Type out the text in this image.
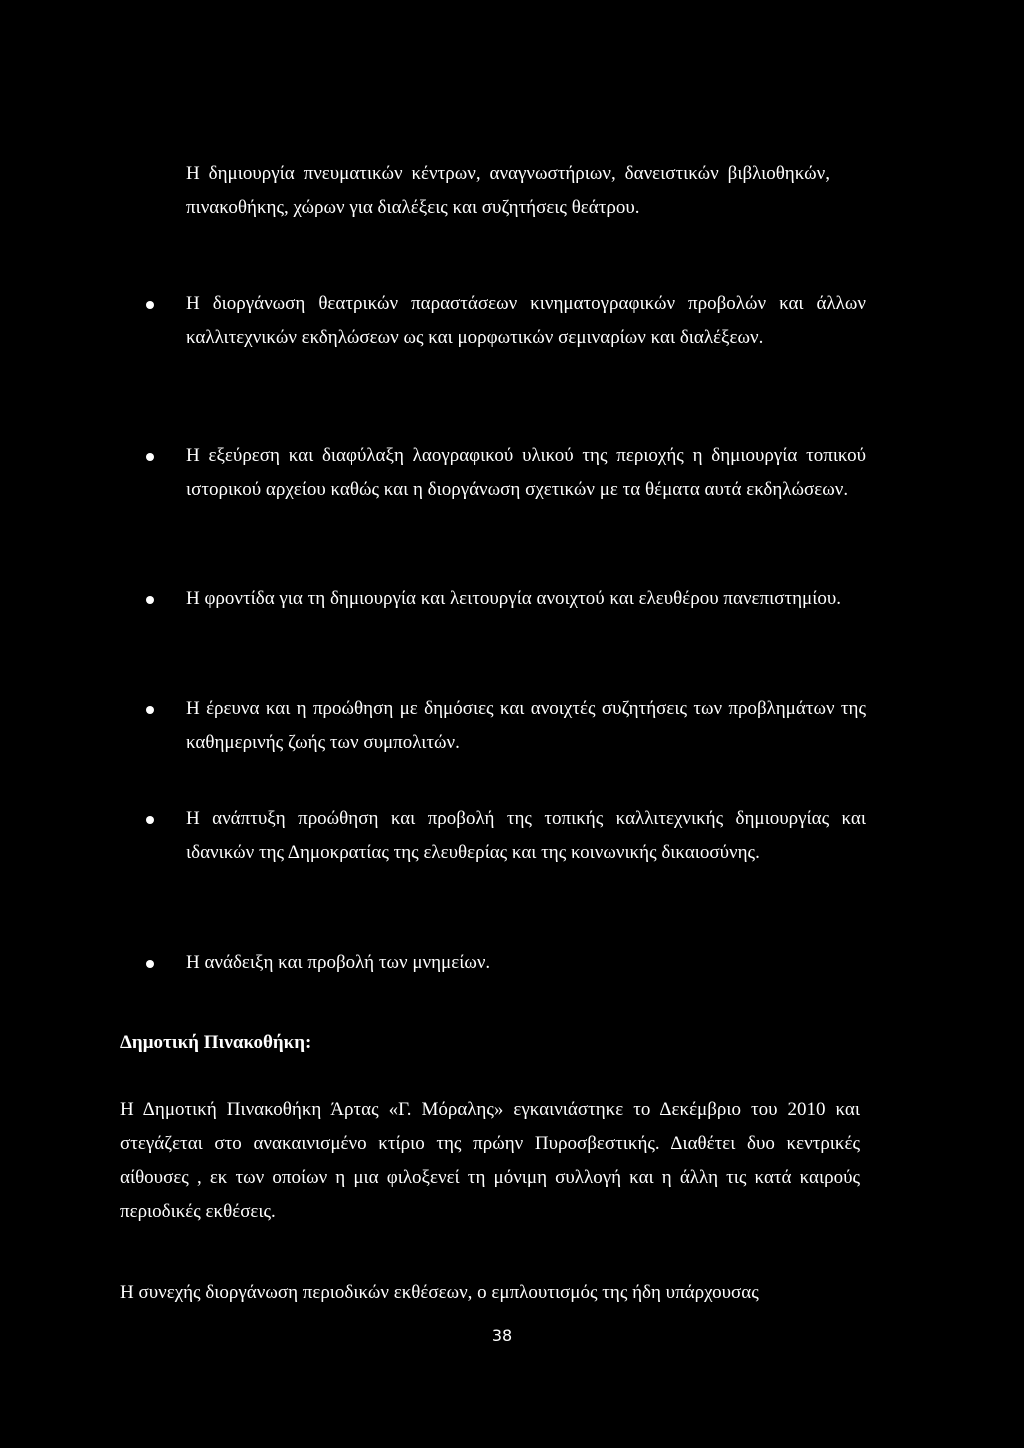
Η δημιουργία πνευματικών κέντρων, αναγνωστήριων, δανειστικών βιβλιοθηκών, πινακοθήκης, χώρων για διαλέξεις και συζητήσεις θεάτρου.
Η διοργάνωση θεατρικών παραστάσεων κινηματογραφικών προβολών και άλλων καλλιτεχνικών εκδηλώσεων ως και μορφωτικών σεμιναρίων και διαλέξεων.
Η εξεύρεση και διαφύλαξη λαογραφικού υλικού της περιοχής η δημιουργία τοπικού ιστορικού αρχείου καθώς και η διοργάνωση σχετικών με τα θέματα αυτά εκδηλώσεων.
Η φροντίδα για τη δημιουργία και λειτουργία ανοιχτού και ελευθέρου πανεπιστημίου.
Η έρευνα και η προώθηση με δημόσιες και ανοιχτές συζητήσεις των προβλημάτων της καθημερινής ζωής των συμπολιτών.
Η ανάπτυξη προώθηση και προβολή της τοπικής καλλιτεχνικής δημιουργίας και ιδανικών της Δημοκρατίας της ελευθερίας και της κοινωνικής δικαιοσύνης.
Η ανάδειξη και προβολή των μνημείων.
Δημοτική Πινακοθήκη:
Η Δημοτική Πινακοθήκη Άρτας «Γ. Μόραλης» εγκαινιάστηκε το Δεκέμβριο του 2010 και στεγάζεται στο ανακαινισμένο κτίριο της πρώην Πυροσβεστικής. Διαθέτει δυο κεντρικές αίθουσες , εκ των οποίων η μια φιλοξενεί τη μόνιμη συλλογή και η άλλη τις κατά καιρούς περιοδικές εκθέσεις.
Η συνεχής διοργάνωση περιοδικών εκθέσεων, ο εμπλουτισμός της ήδη υπάρχουσας
38
